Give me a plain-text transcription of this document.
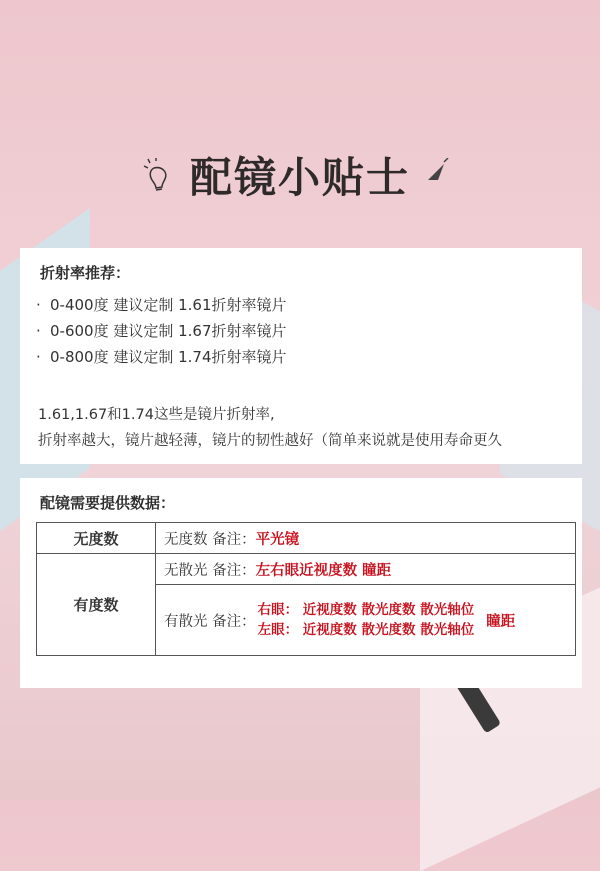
配镜小贴士
折射率推荐：
· 0-400度 建议定制 1.61折射率镜片
· 0-600度 建议定制 1.67折射率镜片
· 0-800度 建议定制 1.74折射率镜片
1.61,1.67和1.74这些是镜片折射率,
折射率越大，镜片越轻薄，镜片的韧性越好（简单来说就是使用寿命更久
配镜需要提供数据：
无度数	无度数 备注：平光镜
有度数	无散光 备注：左右眼近视度数 瞳距

	有散光 备注：
右眼： 近视度数 散光度数 散光轴位
左眼： 近视度数 散光度数 散光轴位
瞳距
